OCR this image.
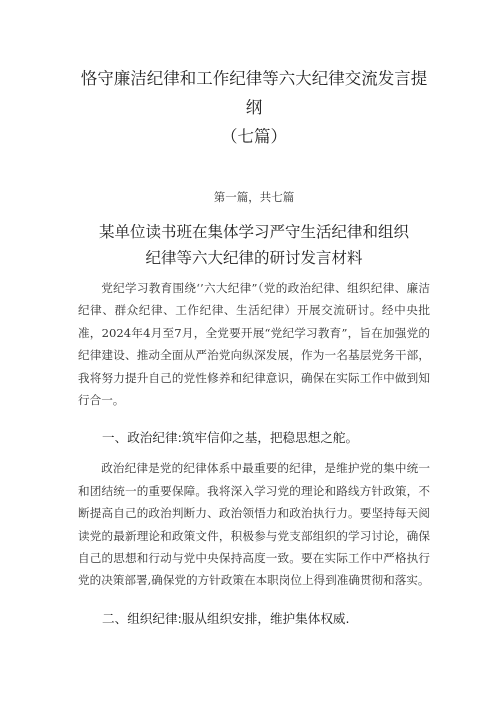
恪守廉洁纪律和工作纪律等六大纪律交流发言提纲
（七篇）
第一篇，共七篇
某单位读书班在集体学习严守生活纪律和组织
纪律等六大纪律的研讨发言材料

党纪学习教育围绕‘’六大纪律”（党的政治纪律、组织纪律、廉洁纪律、群众纪律、工作纪律、生活纪律）开展交流研讨。经中央批准，2024年4月至7月，全党要开展“党纪学习教育”，旨在加强党的纪律建设、推动全面从严治党向纵深发展，作为一名基层党务干部，我将努力提升自己的党性修养和纪律意识，确保在实际工作中做到知行合一。

一、政治纪律:筑牢信仰之基，把稳思想之舵。

政治纪律是党的纪律体系中最重要的纪律，是维护党的集中统一和团结统一的重要保障。我将深入学习党的理论和路线方针政策，不断提高自己的政治判断力、政治领悟力和政治执行力。要坚持每天阅读党的最新理论和政策文件，积极参与党支部组织的学习讨论，确保自己的思想和行动与党中央保持高度一致。要在实际工作中严格执行党的决策部署,确保党的方针政策在本职岗位上得到准确贯彻和落实。

二、组织纪律:服从组织安排，维护集体权威.
